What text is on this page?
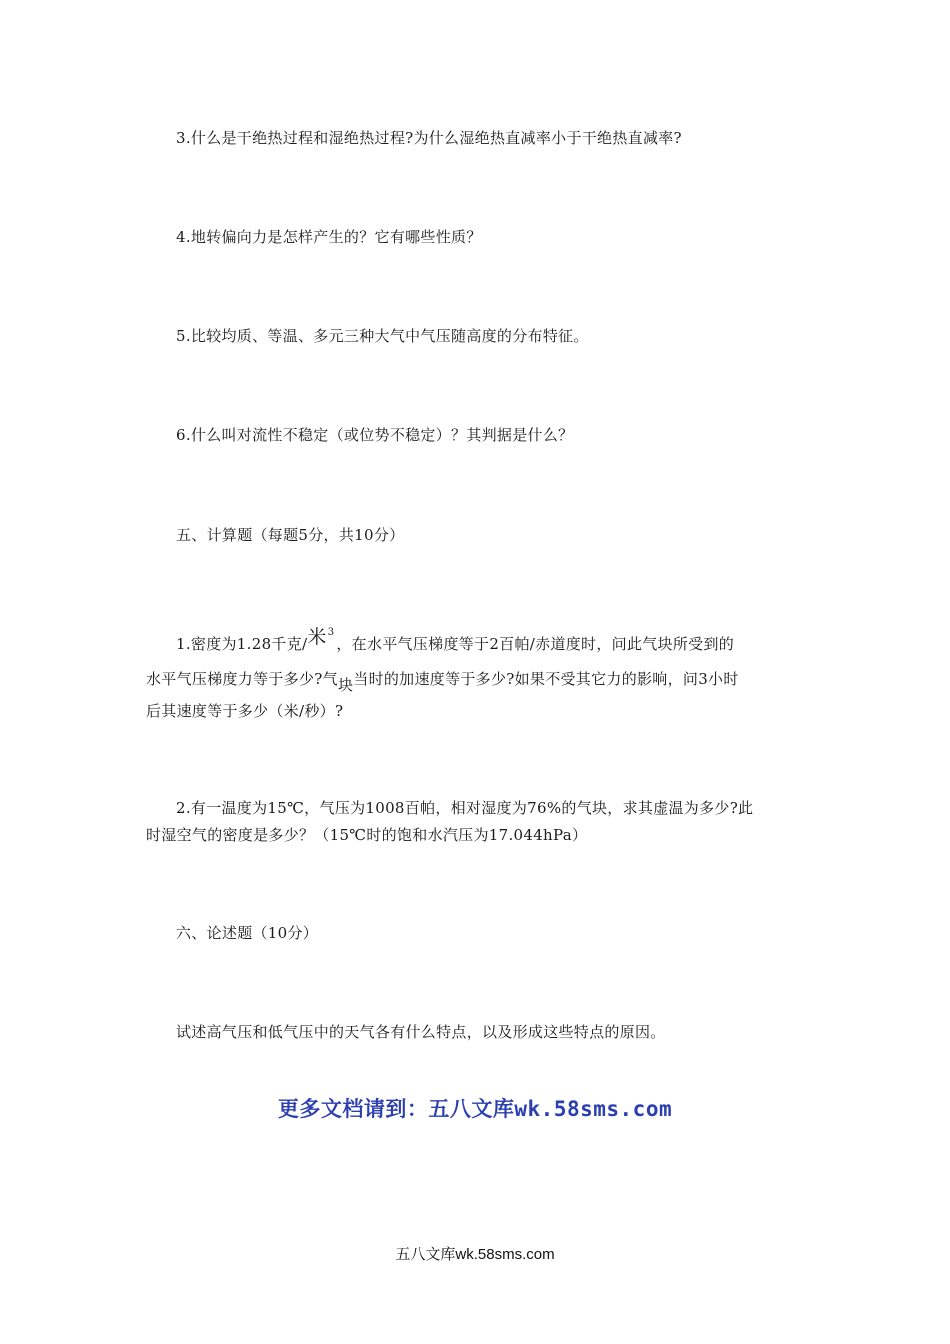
3.什么是干绝热过程和湿绝热过程?为什么湿绝热直减率小于干绝热直减率?
4.地转偏向力是怎样产生的？它有哪些性质？
5.比较均质、等温、多元三种大气中气压随高度的分布特征。
6.什么叫对流性不稳定（或位势不稳定）？其判据是什么？
五、计算题（每题5分，共10分）
1.密度为1.28千克/米$^3$，在水平气压梯度等于2百帕/赤道度时，问此气块所受到的
水平气压梯度力等于多少?气块当时的加速度等于多少?如果不受其它力的影响，问3小时
后其速度等于多少（米/秒）?
2.有一温度为15℃，气压为1008百帕，相对湿度为76%的气块，求其虚温为多少?此
时湿空气的密度是多少？（15℃时的饱和水汽压为17.044hPa）
六、论述题（10分）
试述高气压和低气压中的天气各有什么特点，以及形成这些特点的原因。
更多文档请到：五八文库wk.58sms.com
五八文库wk.58sms.com
